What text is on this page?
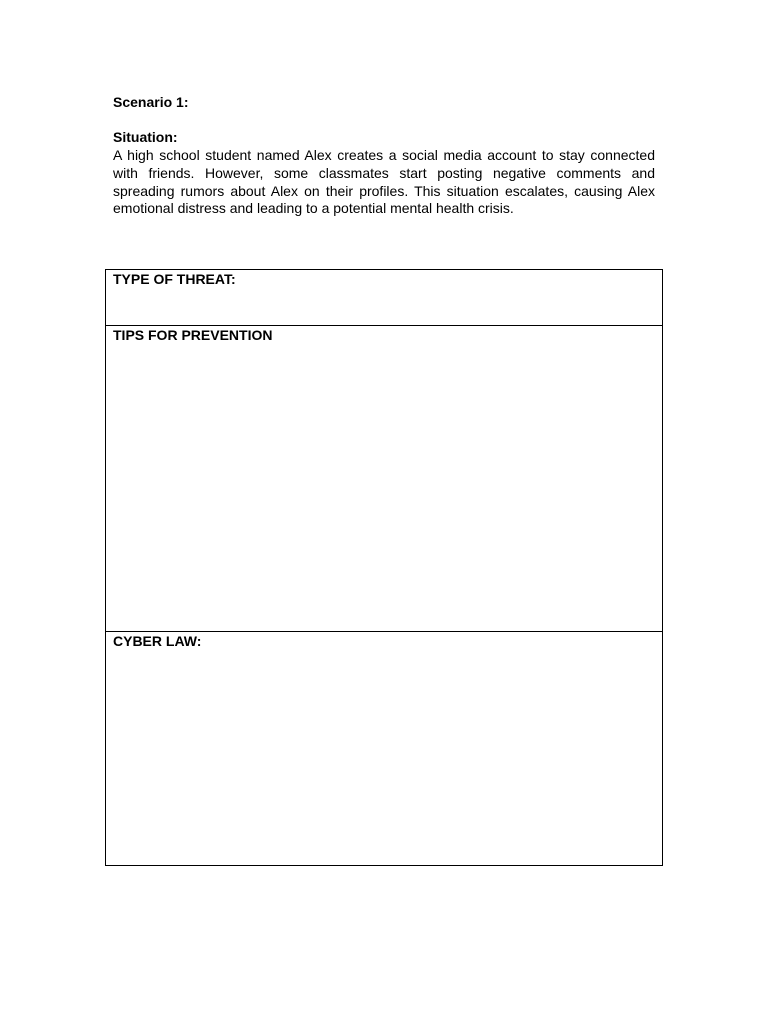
Scenario 1:
Situation:

A high school student named Alex creates a social media account to stay connected with friends. However, some classmates start posting negative comments and spreading rumors about Alex on their profiles. This situation escalates, causing Alex emotional distress and leading to a potential mental health crisis.

TYPE OF THREAT:

TIPS FOR PREVENTION

CYBER LAW:
